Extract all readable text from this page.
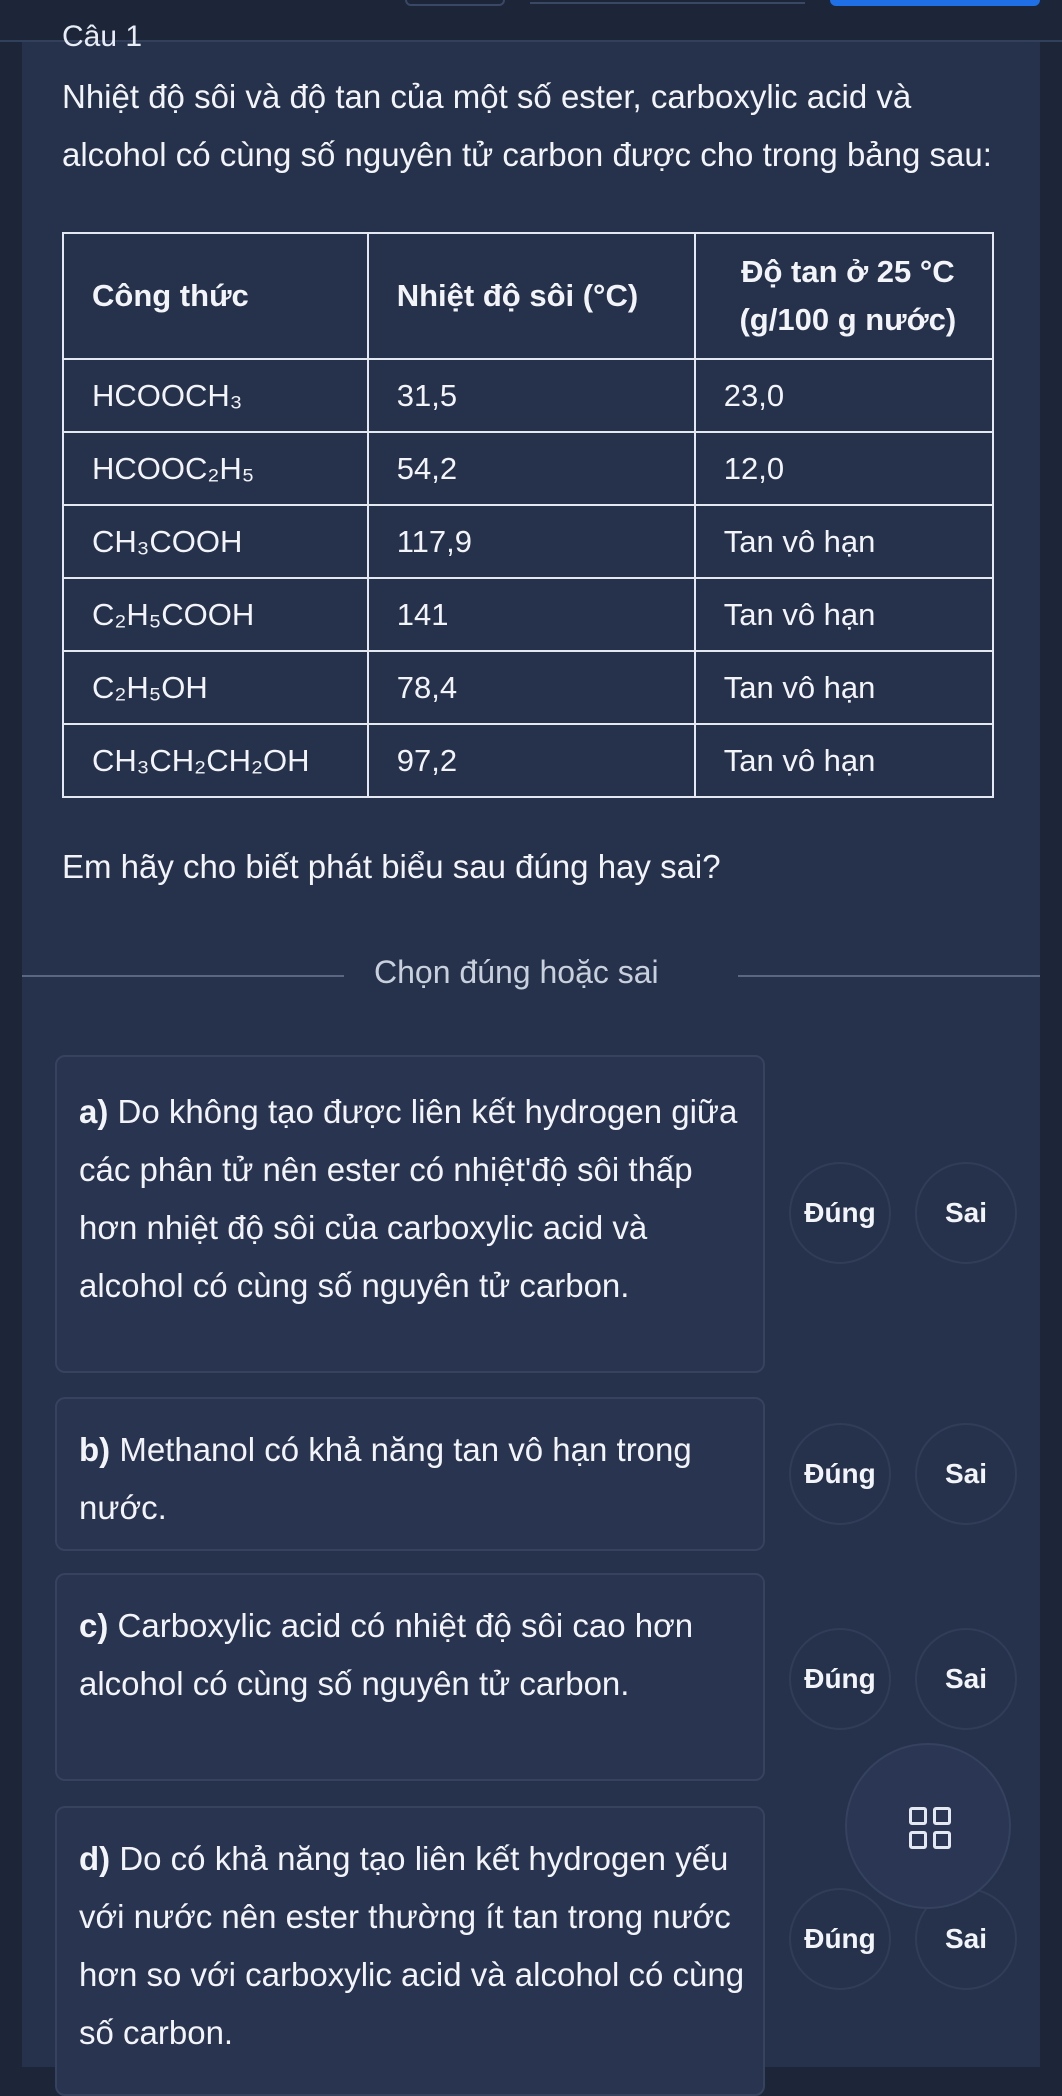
Câu 1
Nhiệt độ sôi và độ tan của một số ester, carboxylic acid và alcohol có cùng số nguyên tử carbon được cho trong bảng sau:
Công thức	Nhiệt độ sôi (°C)	Độ tan ở 25 °C (g/100 g nước)
HCOOCH₃	31,5	23,0
HCOOC₂H₅	54,2	12,0
CH₃COOH	117,9	Tan vô hạn
C₂H₅COOH	141	Tan vô hạn
C₂H₅OH	78,4	Tan vô hạn
CH₃CH₂CH₂OH	97,2	Tan vô hạn
Em hãy cho biết phát biểu sau đúng hay sai?
Chọn đúng hoặc sai
a) Do không tạo được liên kết hydrogen giữa các phân tử nên ester có nhiệt'độ sôi thấp hơn nhiệt độ sôi của carboxylic acid và alcohol có cùng số nguyên tử carbon.
Đúng	Sai
b) Methanol có khả năng tan vô hạn trong nước.
Đúng	Sai
c) Carboxylic acid có nhiệt độ sôi cao hơn alcohol có cùng số nguyên tử carbon.	Đúng	Sai
d) Do có khả năng tạo liên kết hydrogen yếu với nước nên ester thường ít tan trong nước hơn so với carboxylic acid và alcohol có cùng số carbon.
Đúng	Sai
